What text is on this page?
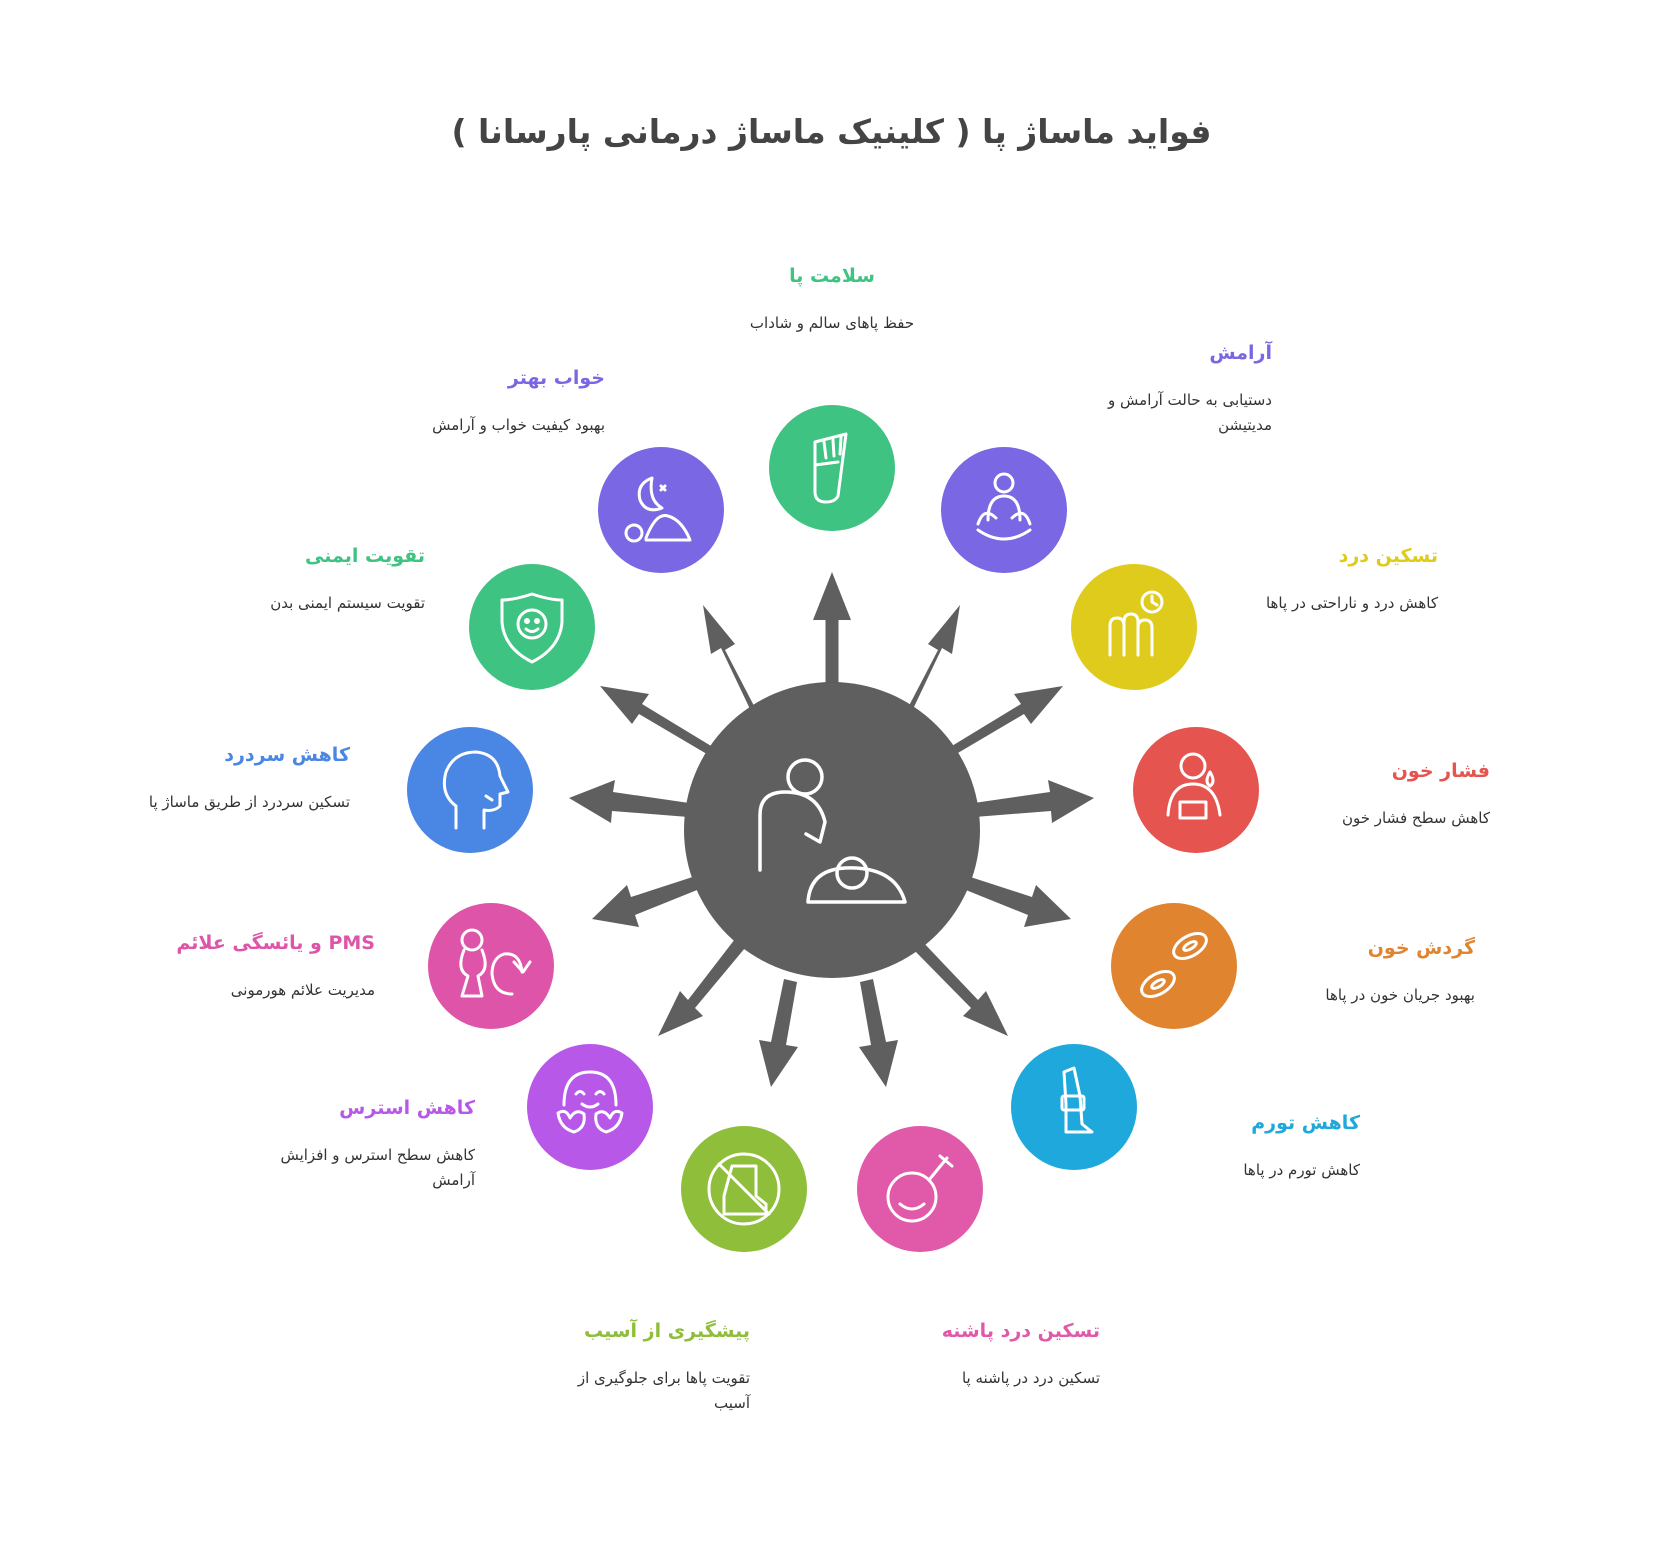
فواید ماساژ پا ( کلینیک ماساژ درمانی پارسانا )
سلامت پا
حفظ پاهای سالم و شاداب
آرامش
دستیابی به حالت آرامش و مدیتیشن
تسکین درد
کاهش درد و ناراحتی در پاها
فشار خون
کاهش سطح فشار خون
گردش خون
بهبود جریان خون در پاها
کاهش تورم
کاهش تورم در پاها
تسکین درد پاشنه
تسکین درد در پاشنه پا
پیشگیری از آسیب
تقویت پاها برای جلوگیری از آسیب
کاهش استرس
کاهش سطح استرس و افزایش آرامش
PMS و یائسگی علائم
مدیریت علائم هورمونی
کاهش سردرد
تسکین سردرد از طریق ماساژ پا
تقویت ایمنی
تقویت سیستم ایمنی بدن
خواب بهتر
بهبود کیفیت خواب و آرامش
